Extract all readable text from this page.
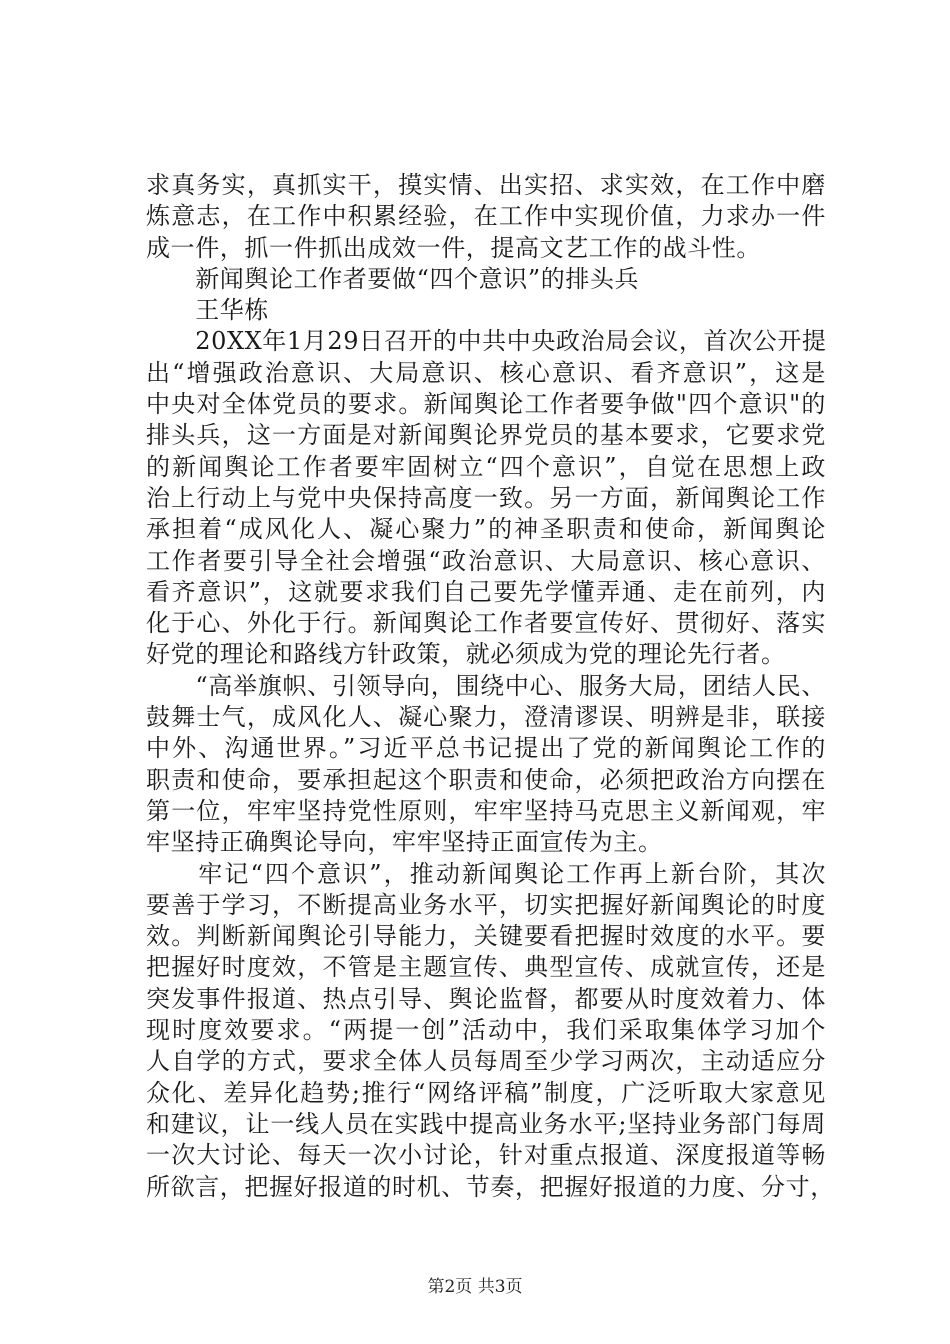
求真务实，真抓实干，摸实情、出实招、求实效，在工作中磨
炼意志，在工作中积累经验，在工作中实现价值，力求办一件
成一件，抓一件抓出成效一件，提高文艺工作的战斗性。
　　新闻舆论工作者要做“四个意识”的排头兵
　　王华栋
　　20XX年1月29日召开的中共中央政治局会议，首次公开提
出“增强政治意识、大局意识、核心意识、看齐意识”，这是
中央对全体党员的要求。新闻舆论工作者要争做"四个意识"的
排头兵，这一方面是对新闻舆论界党员的基本要求，它要求党
的新闻舆论工作者要牢固树立“四个意识”，自觉在思想上政
治上行动上与党中央保持高度一致。另一方面，新闻舆论工作
承担着“成风化人、凝心聚力”的神圣职责和使命，新闻舆论
工作者要引导全社会增强“政治意识、大局意识、核心意识、
看齐意识”，这就要求我们自己要先学懂弄通、走在前列，内
化于心、外化于行。新闻舆论工作者要宣传好、贯彻好、落实
好党的理论和路线方针政策，就必须成为党的理论先行者。
　　“高举旗帜、引领导向，围绕中心、服务大局，团结人民、
鼓舞士气，成风化人、凝心聚力，澄清谬误、明辨是非，联接
中外、沟通世界。”习近平总书记提出了党的新闻舆论工作的
职责和使命，要承担起这个职责和使命，必须把政治方向摆在
第一位，牢牢坚持党性原则，牢牢坚持马克思主义新闻观，牢
牢坚持正确舆论导向，牢牢坚持正面宣传为主。
　　牢记“四个意识”，推动新闻舆论工作再上新台阶，其次
要善于学习，不断提高业务水平，切实把握好新闻舆论的时度
效。判断新闻舆论引导能力，关键要看把握时效度的水平。要
把握好时度效，不管是主题宣传、典型宣传、成就宣传，还是
突发事件报道、热点引导、舆论监督，都要从时度效着力、体
现时度效要求。“两提一创”活动中，我们采取集体学习加个
人自学的方式，要求全体人员每周至少学习两次，主动适应分
众化、差异化趋势;推行“网络评稿”制度，广泛听取大家意见
和建议，让一线人员在实践中提高业务水平;坚持业务部门每周
一次大讨论、每天一次小讨论，针对重点报道、深度报道等畅
所欲言，把握好报道的时机、节奏，把握好报道的力度、分寸，
第2页 共3页
